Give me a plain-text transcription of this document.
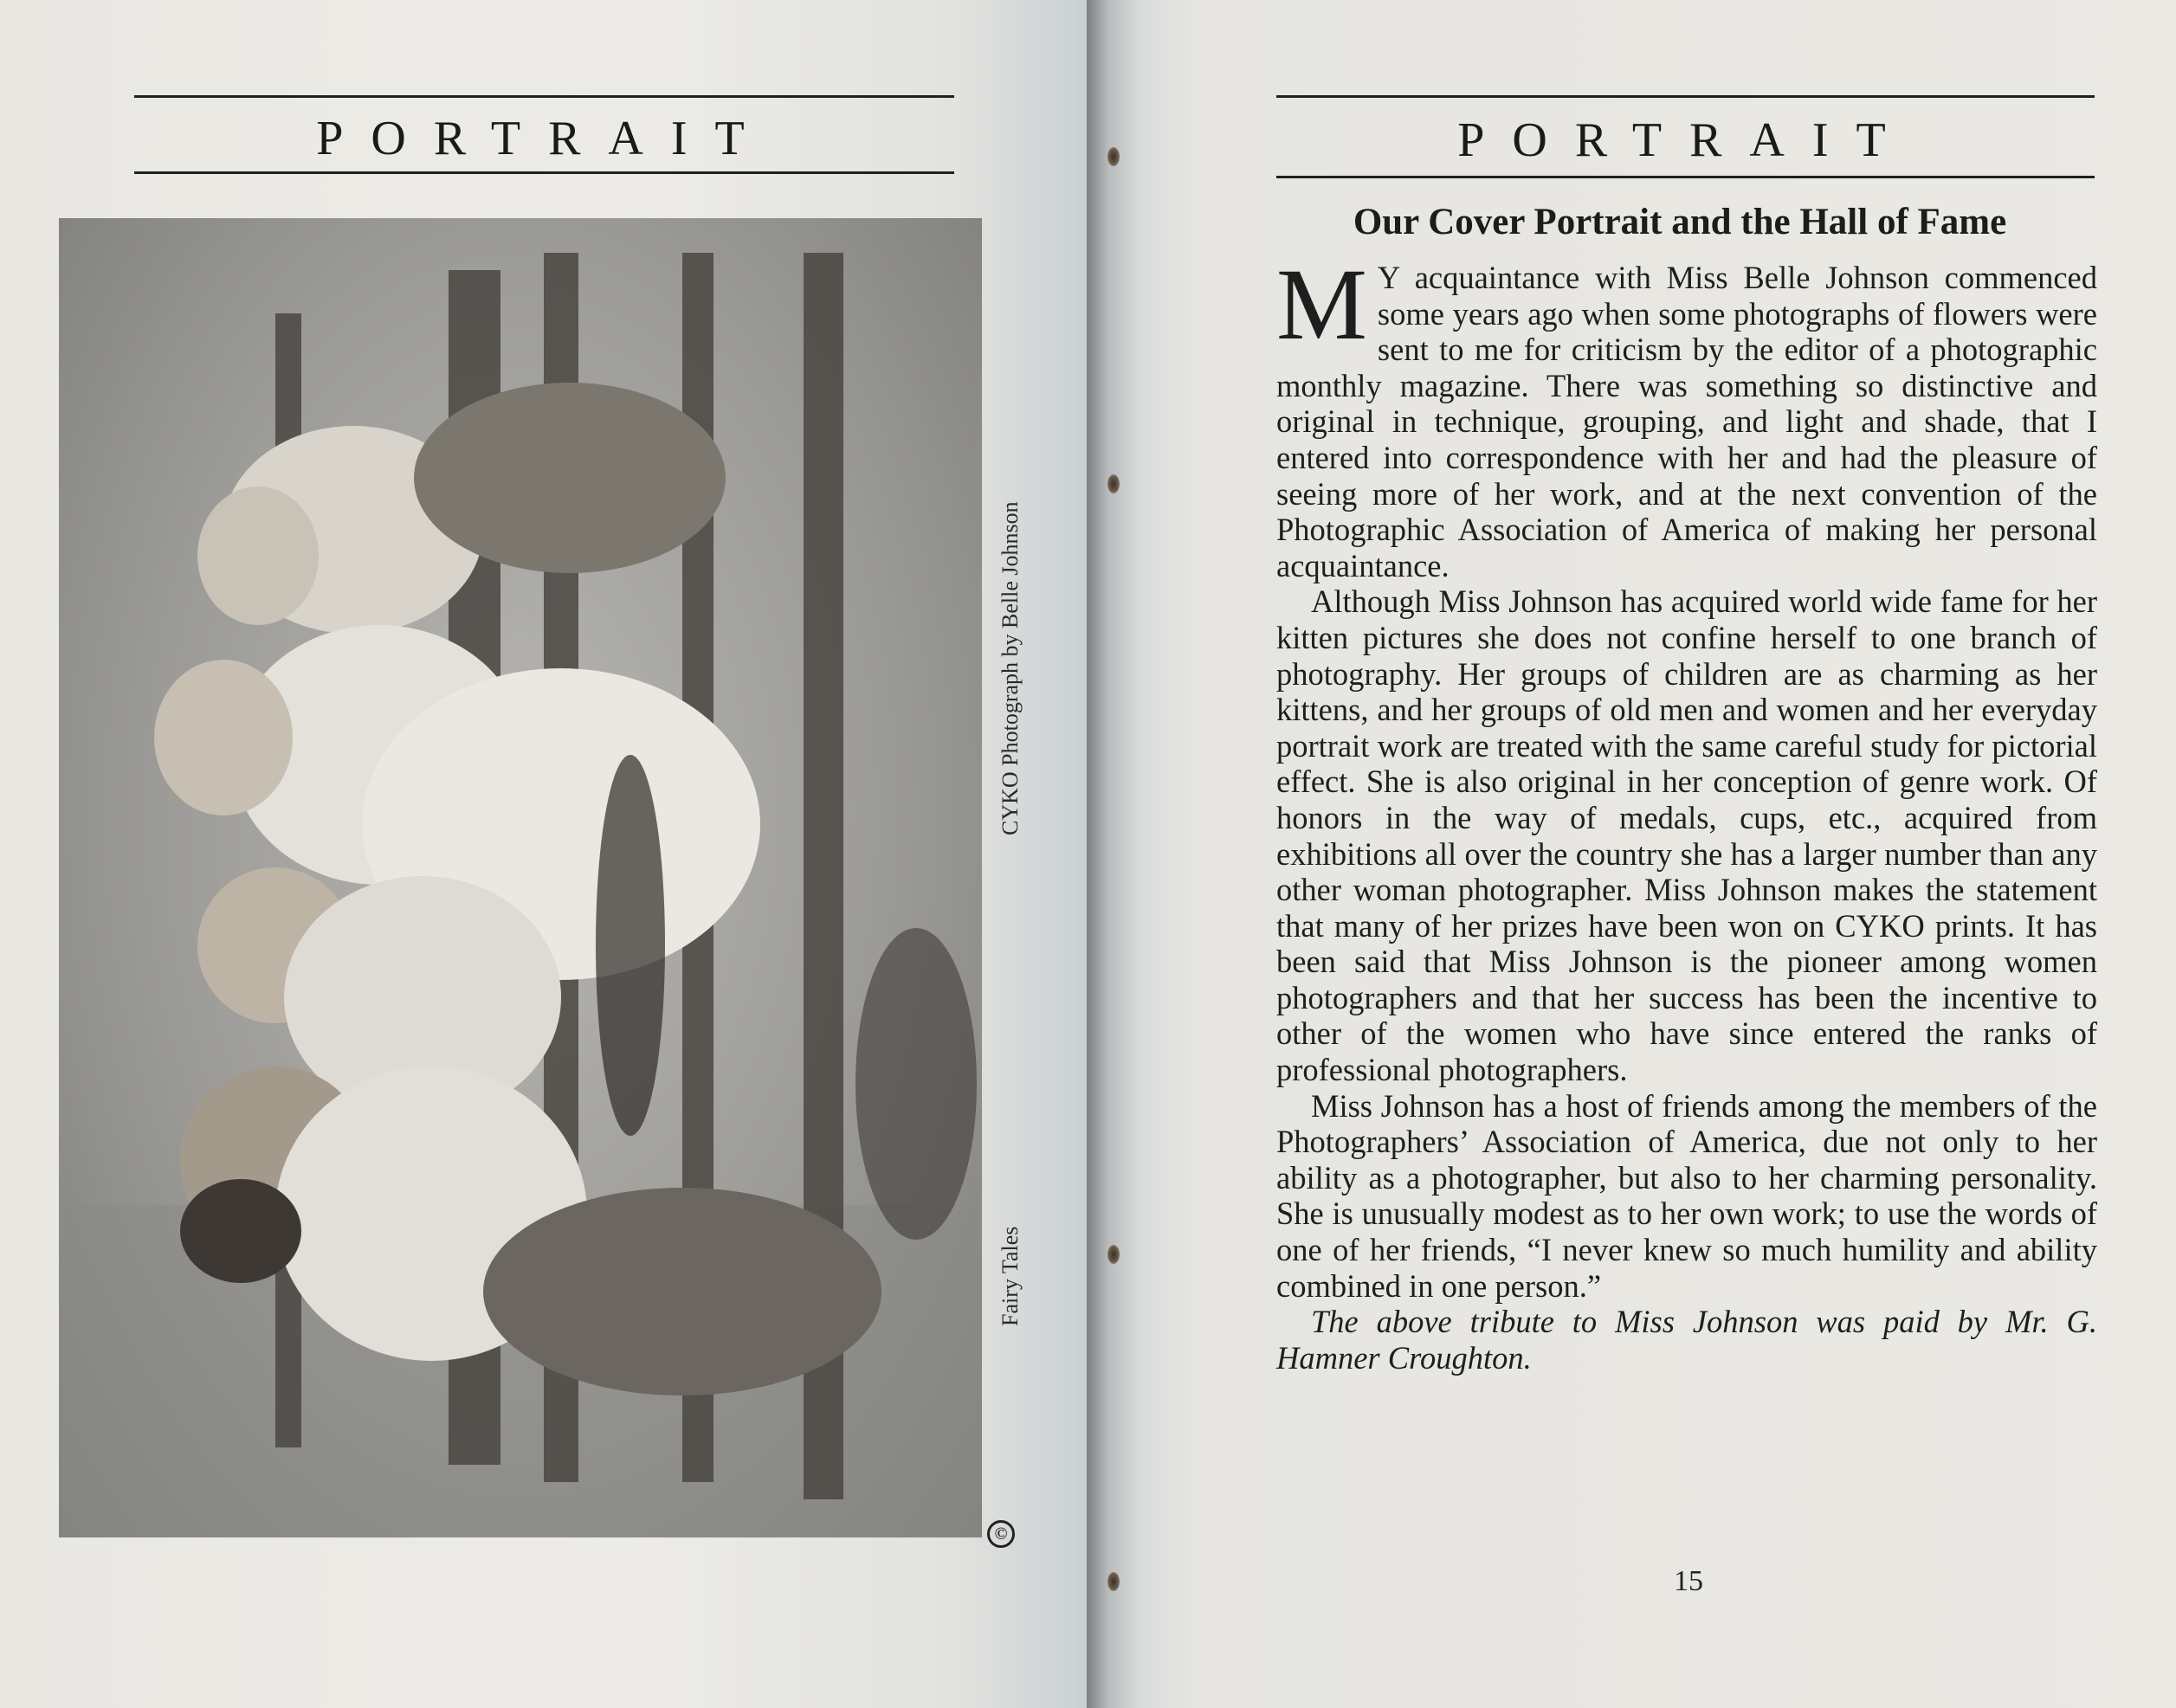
PORTRAIT
Fairy Tales
CYKO Photograph by Belle Johnson
©
PORTRAIT
Our Cover Portrait and the Hall of Fame

M Y acquaintance with Miss Belle Johnson commenced some years ago when some photographs of flowers were sent to me for criticism by the editor of a photographic monthly magazine. There was something so distinctive and original in technique, grouping, and light and shade, that I entered into correspondence with her and had the pleasure of seeing more of her work, and at the next convention of the Photographic Association of America of making her personal acquaintance.

Although Miss Johnson has acquired world wide fame for her kitten pictures she does not confine herself to one branch of photography. Her groups of children are as charming as her kittens, and her groups of old men and women and her everyday portrait work are treated with the same careful study for pictorial effect. She is also original in her conception of genre work. Of honors in the way of medals, cups, etc., acquired from exhibitions all over the country she has a larger number than any other woman photographer. Miss Johnson makes the statement that many of her prizes have been won on CYKO prints. It has been said that Miss Johnson is the pioneer among women photographers and that her success has been the incentive to other of the women who have since entered the ranks of professional photographers.

Miss Johnson has a host of friends among the members of the Photographers’ Association of America, due not only to her ability as a photographer, but also to her charming personality. She is unusually modest as to her own work; to use the words of one of her friends, “I never knew so much humility and ability combined in one person.”

The above tribute to Miss Johnson was paid by Mr. G. Hamner Croughton.

15
